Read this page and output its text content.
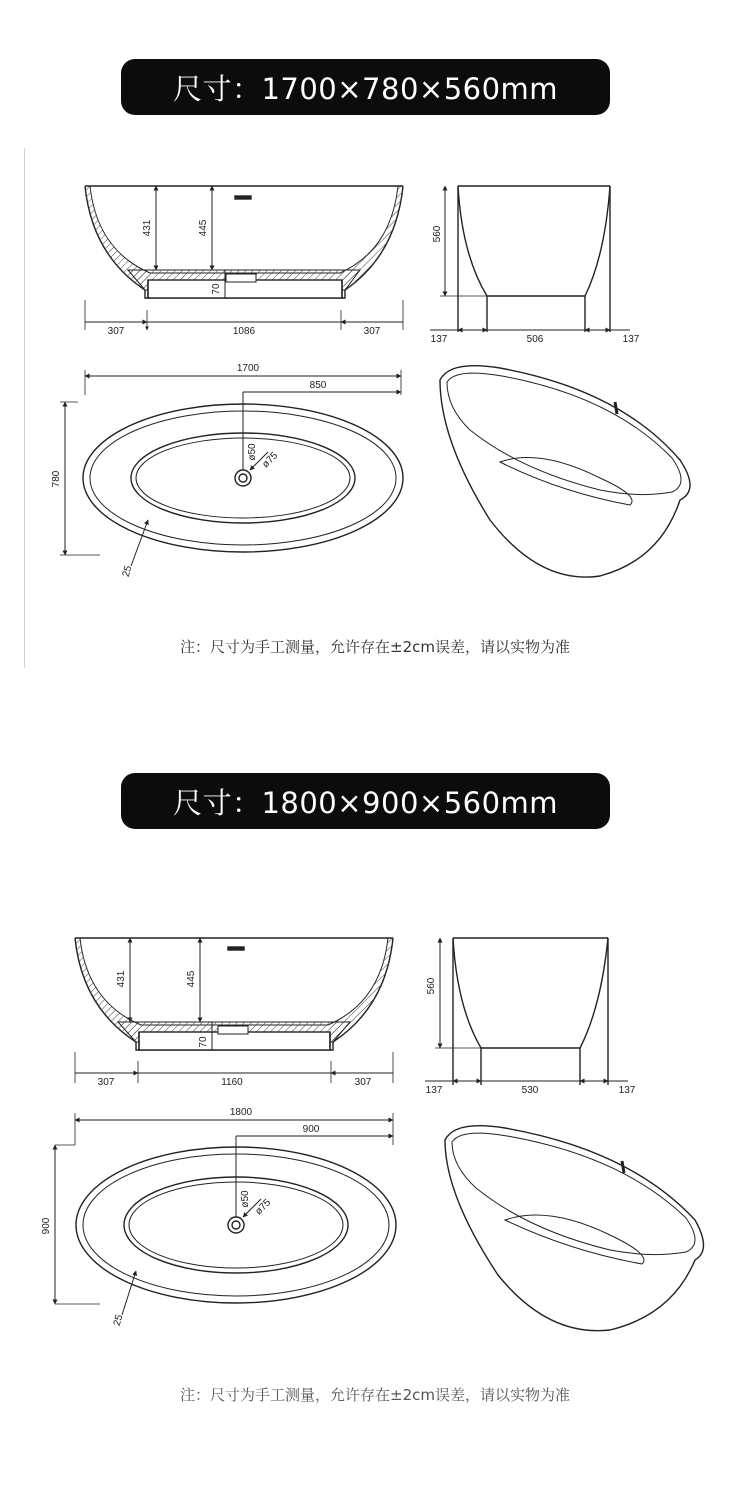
尺寸：1700×780×560mm
431	445
70
307	1086	307
560
137	506	137
1700
850
780
ø50 ø75
25
注：尺寸为手工测量，允许存在±2cm误差，请以实物为准
尺寸：1800×900×560mm
431	445
70
307	1160	307
560
137	530	137
1800
900
900
ø50 ø75
25
注：尺寸为手工测量，允许存在±2cm误差，请以实物为准
